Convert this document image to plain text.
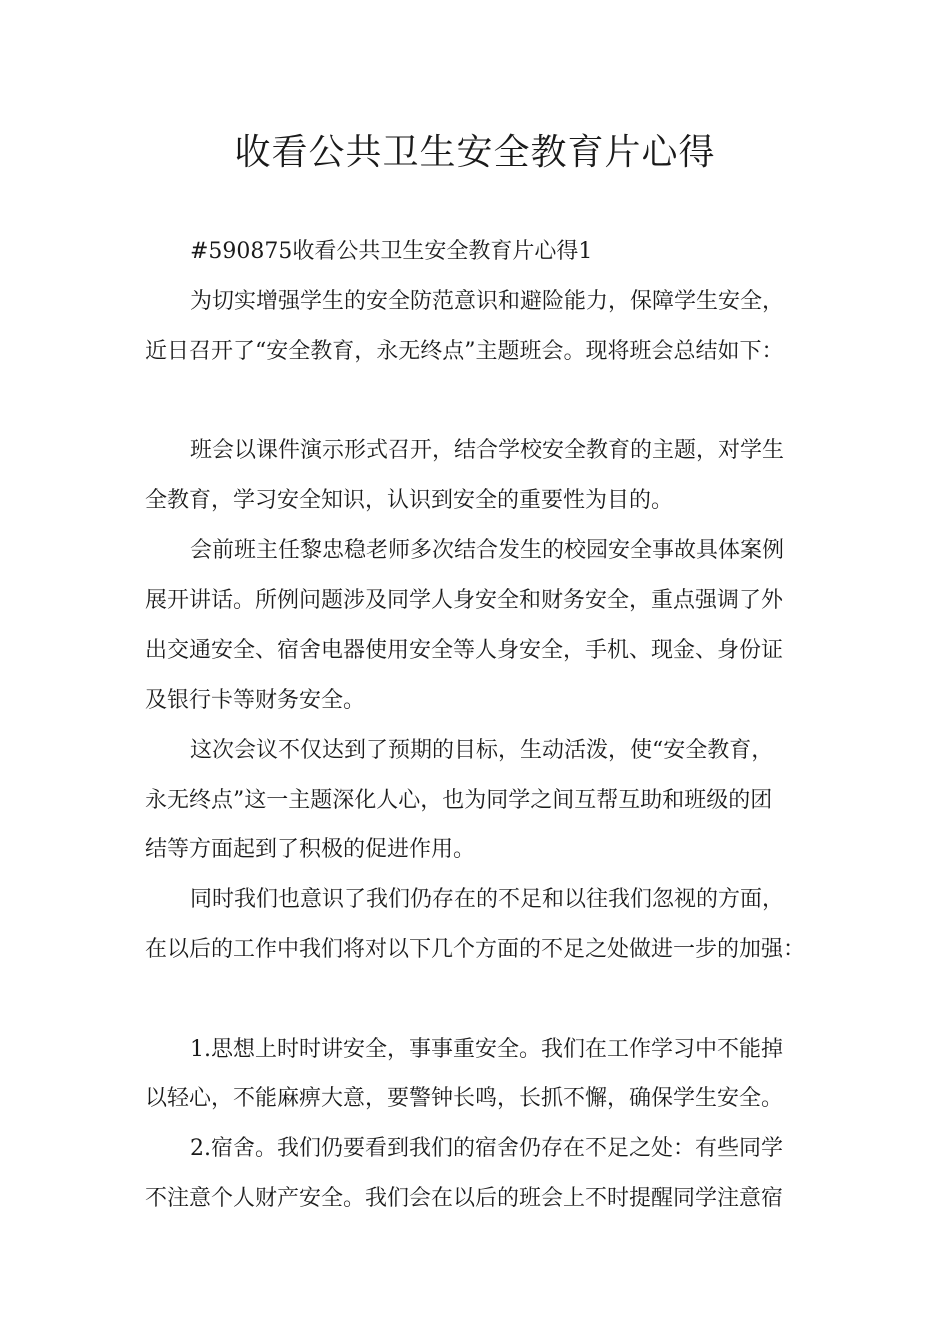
收看公共卫生安全教育片心得

#590875收看公共卫生安全教育片心得1

为切实增强学生的安全防范意识和避险能力，保障学生安全，

近日召开了“安全教育，永无终点”主题班会。现将班会总结如下：

班会以课件演示形式召开，结合学校安全教育的主题，对学生

全教育，学习安全知识，认识到安全的重要性为目的。

会前班主任黎忠稳老师多次结合发生的校园安全事故具体案例

展开讲话。所例问题涉及同学人身安全和财务安全，重点强调了外

出交通安全、宿舍电器使用安全等人身安全，手机、现金、身份证

及银行卡等财务安全。

这次会议不仅达到了预期的目标，生动活泼，使“安全教育，

永无终点”这一主题深化人心，也为同学之间互帮互助和班级的团

结等方面起到了积极的促进作用。

同时我们也意识了我们仍存在的不足和以往我们忽视的方面，

在以后的工作中我们将对以下几个方面的不足之处做进一步的加强：

1.思想上时时讲安全，事事重安全。我们在工作学习中不能掉

以轻心，不能麻痹大意，要警钟长鸣，长抓不懈，确保学生安全。

2.宿舍。我们仍要看到我们的宿舍仍存在不足之处：有些同学

不注意个人财产安全。我们会在以后的班会上不时提醒同学注意宿
